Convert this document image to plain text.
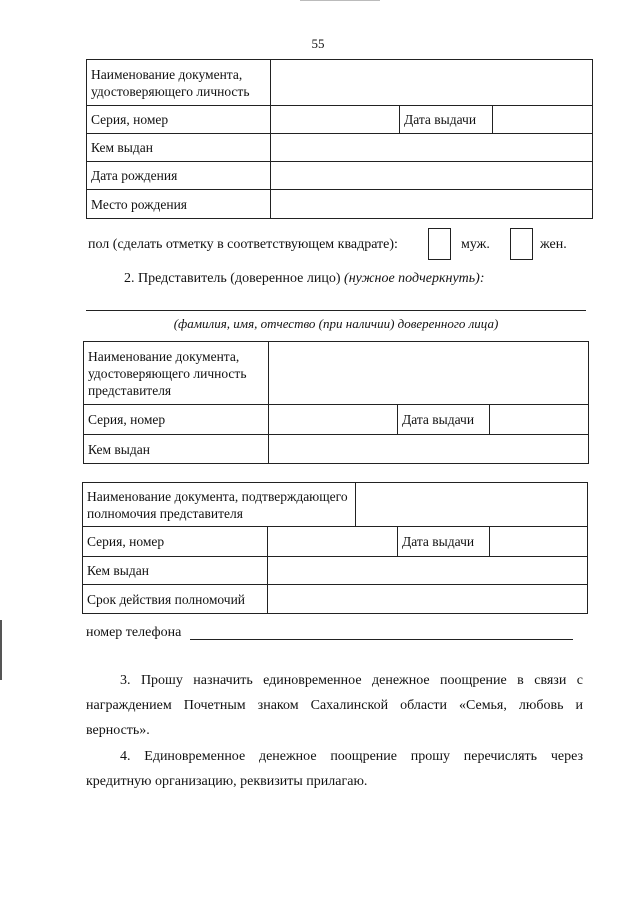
55
Наименование документа, удостоверяющего личность			
Серия, номер		Дата выдачи	
Кем выдан			
Дата рождения			
Место рождения			
пол (сделать отметку в соответствующем квадрате):	муж.	жен.
2. Представитель (доверенное лицо) (нужное подчеркнуть):
(фамилия, имя, отчество (при наличии) доверенного лица)
Наименование документа, удостоверяющего личность представителя			
Серия, номер		Дата выдачи	
Кем выдан			
Наименование документа, подтверждающего полномочия представителя				
Серия, номер			Дата выдачи	
Кем выдан				
Срок действия полномочий				
номер телефона
3. Прошу назначить единовременное денежное поощрение в связи с награждением Почетным знаком Сахалинской области «Семья, любовь и верность».
4. Единовременное денежное поощрение прошу перечислять через кредитную организацию, реквизиты прилагаю.
